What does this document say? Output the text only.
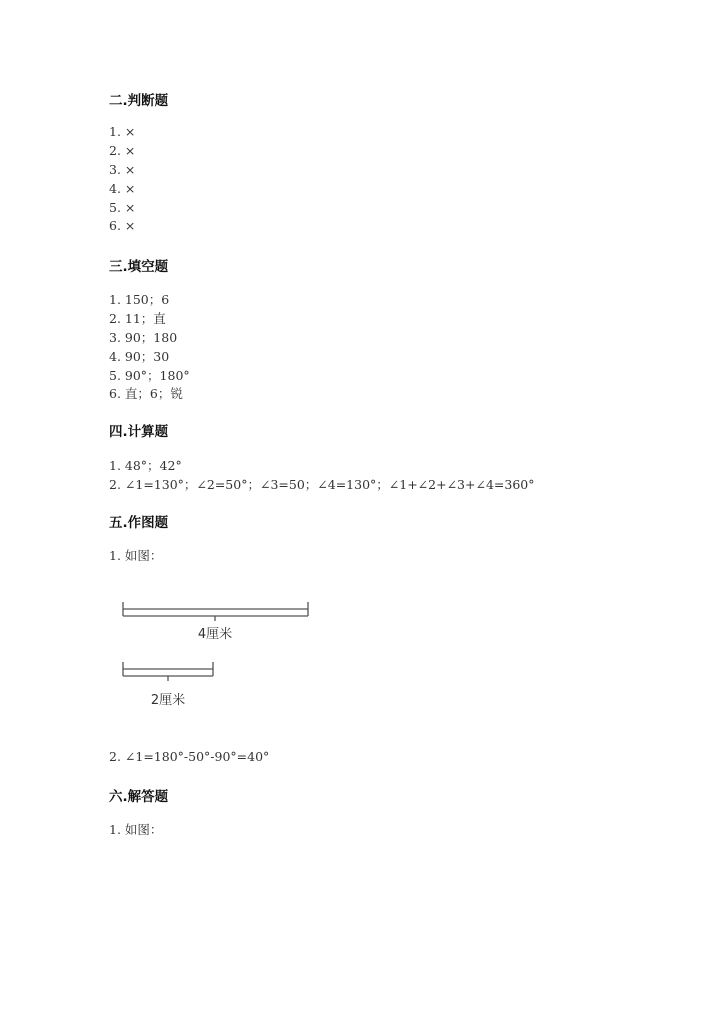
二.判断题
1. ×
2. ×
3. ×
4. ×
5. ×
6. ×
三.填空题
1. 150；6
2. 11；直
3. 90；180
4. 90；30
5. 90°；180°
6. 直；6；锐
四.计算题
1. 48°；42°
2. ∠1=130°；∠2=50°；∠3=50；∠4=130°；∠1+∠2+∠3+∠4=360°
五.作图题
1. 如图：
4厘米
2厘米
2. ∠1=180°-50°-90°=40°
六.解答题
1. 如图：
